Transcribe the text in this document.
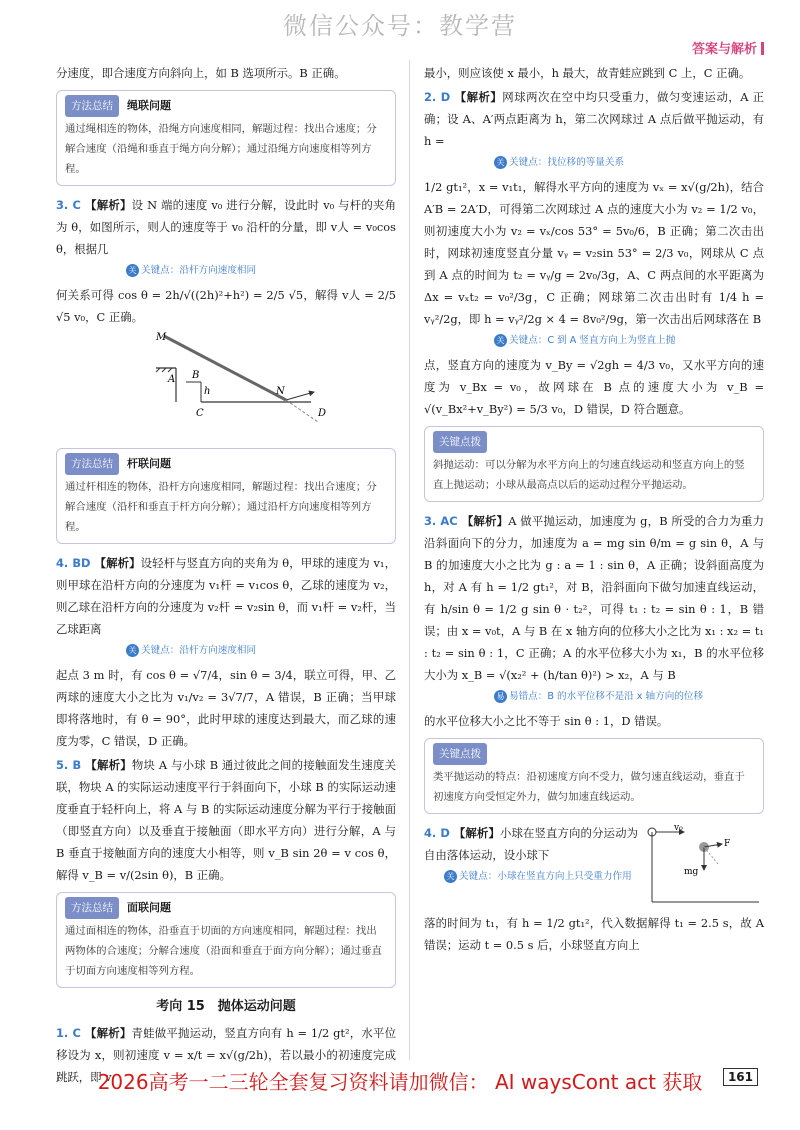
微信公众号：教学营
答案与解析
分速度，即合速度方向斜向上，如 B 选项所示。B 正确。
方法总结	绳联问题
通过绳相连的物体，沿绳方向速度相同，解题过程：找出合速度；分解合速度（沿绳和垂直于绳方向分解）；通过沿绳方向速度相等列方程。
3. C 【解析】设 N 端的速度 v₀ 进行分解，设此时 v₀ 与杆的夹角为 θ，如图所示，则人的速度等于 v₀ 沿杆的分量，即 v人 = v₀cos θ，根据几
关 关键点：沿杆方向速度相同
何关系可得 cos θ = 2h/√((2h)²+h²) = 2/5 √5，解得 v人 = 2/5 √5 v₀，C 正确。
M
A B
h
C
N
D
方法总结	杆联问题
通过杆相连的物体，沿杆方向速度相同，解题过程：找出合速度；分解合速度（沿杆和垂直于杆方向分解）；通过沿杆方向速度相等列方程。
4. BD 【解析】设轻杆与竖直方向的夹角为 θ，甲球的速度为 v₁，则甲球在沿杆方向的分速度为 v₁杆 = v₁cos θ，乙球的速度为 v₂，则乙球在沿杆方向的分速度为 v₂杆 = v₂sin θ，而 v₁杆 = v₂杆，当乙球距离
关 关键点：沿杆方向速度相同
起点 3 m 时，有 cos θ = √7/4，sin θ = 3/4，联立可得，甲、乙两球的速度大小之比为 v₁/v₂ = 3√7/7，A 错误，B 正确；当甲球即将落地时，有 θ = 90°，此时甲球的速度达到最大，而乙球的速度为零，C 错误，D 正确。
5. B 【解析】物块 A 与小球 B 通过彼此之间的接触面发生速度关联，物块 A 的实际运动速度平行于斜面向下，小球 B 的实际运动速度垂直于轻杆向上，将 A 与 B 的实际运动速度分解为平行于接触面（即竖直方向）以及垂直于接触面（即水平方向）进行分解，A 与 B 垂直于接触面方向的速度大小相等，则 v_B sin 2θ = v cos θ，解得 v_B = v/(2sin θ)，B 正确。
方法总结	面联问题
通过面相连的物体，沿垂直于切面的方向速度相同，解题过程：找出两物体的合速度；分解合速度（沿面和垂直于面方向分解）；通过垂直于切面方向速度相等列方程。
考向 15　抛体运动问题
1. C 【解析】青蛙做平抛运动，竖直方向有 h = 1/2 gt²，水平位移设为 x，则初速度 v = x/t = x√(g/2h)，若以最小的初速度完成跳跃，即 v
最小，则应该使 x 最小，h 最大，故青蛙应跳到 C 上，C 正确。
2. D 【解析】网球两次在空中均只受重力，做匀变速运动，A 正确；设 A、A′两点距离为 h，第二次网球过 A 点后做平抛运动，有 h =
关 关键点：找位移的等量关系
1/2 gt₁²，x = v₁t₁，解得水平方向的速度为 vₓ = x√(g/2h)，结合 A′B = 2A′D，可得第二次网球过 A 点的速度大小为 v₂ = 1/2 v₀，则初速度大小为 v₂ = vₓ/cos 53° = 5v₀/6，B 正确；第二次击出时，网球初速度竖直分量 vᵧ = v₂sin 53° = 2/3 v₀，网球从 C 点到 A 点的时间为 t₂ = vᵧ/g = 2v₀/3g，A、C 两点间的水平距离为 Δx = vₓt₂ = v₀²/3g，C 正确；网球第二次击出时有 1/4 h = vᵧ²/2g，即 h = vᵧ²/2g × 4 = 8v₀²/9g，第一次击出后网球落在 B
关 关键点：C 到 A 竖直方向上为竖直上抛
点，竖直方向的速度为 v_By = √2gh = 4/3 v₀，又水平方向的速度为 v_Bx = v₀，故网球在 B 点的速度大小为 v_B = √(v_Bx²+v_By²) = 5/3 v₀，D 错误，D 符合题意。
关键点拨
斜抛运动：可以分解为水平方向上的匀速直线运动和竖直方向上的竖直上抛运动；小球从最高点以后的运动过程分平抛运动。
3. AC 【解析】A 做平抛运动，加速度为 g，B 所受的合力为重力沿斜面向下的分力，加速度为 a = mg sin θ/m = g sin θ，A 与 B 的加速度大小之比为 g : a = 1 : sin θ，A 正确；设斜面高度为 h，对 A 有 h = 1/2 gt₁²，对 B，沿斜面向下做匀加速直线运动，有 h/sin θ = 1/2 g sin θ · t₂²，可得 t₁ : t₂ = sin θ : 1，B 错误；由 x = v₀t，A 与 B 在 x 轴方向的位移大小之比为 x₁ : x₂ = t₁ : t₂ = sin θ : 1，C 正确；A 的水平位移大小为 x₁，B 的水平位移大小为 x_B = √(x₂² + (h/tan θ)²) > x₂，A 与 B
易 易错点：B 的水平位移不是沿 x 轴方向的位移
的水平位移大小之比不等于 sin θ : 1，D 错误。
关键点拨
类平抛运动的特点：沿初速度方向不受力，做匀速直线运动，垂直于初速度方向受恒定外力，做匀加速直线运动。
4. D 【解析】小球在竖直方向的分运动为自由落体运动，设小球下
关 关键点：小球在竖直方向上只受重力作用
v₀
F
mg
落的时间为 t₁，有 h = 1/2 gt₁²，代入数据解得 t₁ = 2.5 s，故 A 错误；运动 t = 0.5 s 后，小球竖直方向上
2026高考一二三轮全套复习资料请加微信： AI waysCont act 获取	161
